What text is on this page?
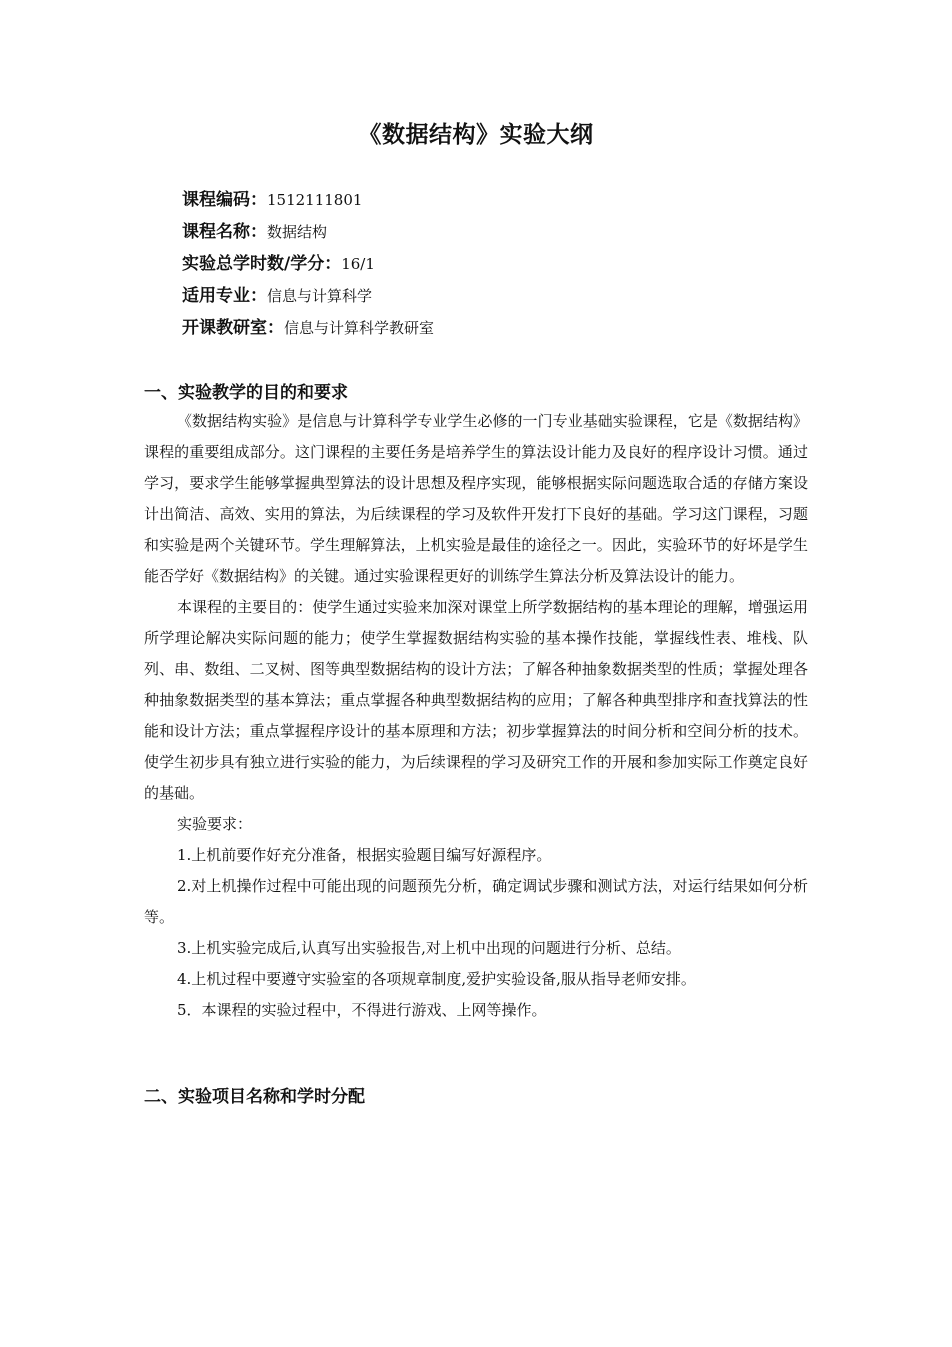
《数据结构》实验大纲
课程编码：1512111801
课程名称：数据结构
实验总学时数/学分：16/1
适用专业：信息与计算科学
开课教研室：信息与计算科学教研室
一、实验教学的目的和要求

《数据结构实验》是信息与计算科学专业学生必修的一门专业基础实验课程，它是《数据结构》课程的重要组成部分。这门课程的主要任务是培养学生的算法设计能力及良好的程序设计习惯。通过学习，要求学生能够掌握典型算法的设计思想及程序实现，能够根据实际问题选取合适的存储方案设计出简洁、高效、实用的算法，为后续课程的学习及软件开发打下良好的基础。学习这门课程，习题和实验是两个关键环节。学生理解算法，上机实验是最佳的途径之一。因此，实验环节的好坏是学生能否学好《数据结构》的关键。通过实验课程更好的训练学生算法分析及算法设计的能力。

本课程的主要目的：使学生通过实验来加深对课堂上所学数据结构的基本理论的理解，增强运用所学理论解决实际问题的能力；使学生掌握数据结构实验的基本操作技能，掌握线性表、堆栈、队列、串、数组、二叉树、图等典型数据结构的设计方法；了解各种抽象数据类型的性质；掌握处理各种抽象数据类型的基本算法；重点掌握各种典型数据结构的应用；了解各种典型排序和查找算法的性能和设计方法；重点掌握程序设计的基本原理和方法；初步掌握算法的时间分析和空间分析的技术。使学生初步具有独立进行实验的能力，为后续课程的学习及研究工作的开展和参加实际工作奠定良好的基础。

实验要求：

1.上机前要作好充分准备，根据实验题目编写好源程序。

2.对上机操作过程中可能出现的问题预先分析，确定调试步骤和测试方法，对运行结果如何分析等。

3.上机实验完成后,认真写出实验报告,对上机中出现的问题进行分析、总结。

4.上机过程中要遵守实验室的各项规章制度,爱护实验设备,服从指导老师安排。

5．本课程的实验过程中，不得进行游戏、上网等操作。

二、实验项目名称和学时分配
